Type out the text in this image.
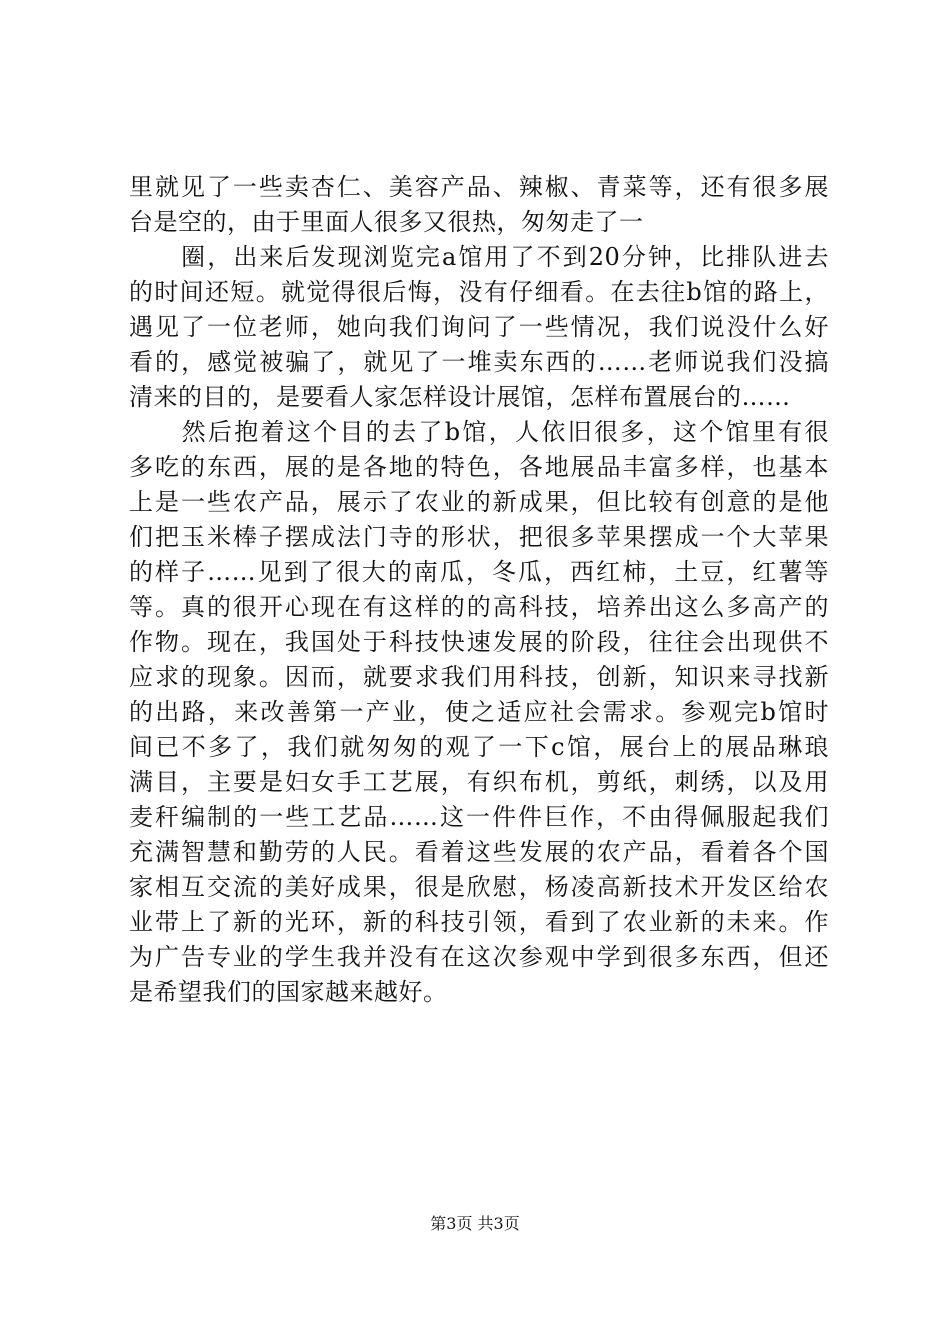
里就见了一些卖杏仁、美容产品、辣椒、青菜等，还有很多展
台是空的，由于里面人很多又很热，匆匆走了一
　　圈，出来后发现浏览完a馆用了不到20分钟，比排队进去
的时间还短。就觉得很后悔，没有仔细看。在去往b馆的路上，
遇见了一位老师，她向我们询问了一些情况，我们说没什么好
看的，感觉被骗了，就见了一堆卖东西的……老师说我们没搞
清来的目的，是要看人家怎样设计展馆，怎样布置展台的……
　　然后抱着这个目的去了b馆，人依旧很多，这个馆里有很
多吃的东西，展的是各地的特色，各地展品丰富多样，也基本
上是一些农产品，展示了农业的新成果，但比较有创意的是他
们把玉米棒子摆成法门寺的形状，把很多苹果摆成一个大苹果
的样子……见到了很大的南瓜，冬瓜，西红柿，土豆，红薯等
等。真的很开心现在有这样的的高科技，培养出这么多高产的
作物。现在，我国处于科技快速发展的阶段，往往会出现供不
应求的现象。因而，就要求我们用科技，创新，知识来寻找新
的出路，来改善第一产业，使之适应社会需求。参观完b馆时
间已不多了，我们就匆匆的观了一下c馆，展台上的展品琳琅
满目，主要是妇女手工艺展，有织布机，剪纸，刺绣，以及用
麦秆编制的一些工艺品……这一件件巨作，不由得佩服起我们
充满智慧和勤劳的人民。看着这些发展的农产品，看着各个国
家相互交流的美好成果，很是欣慰，杨凌高新技术开发区给农
业带上了新的光环，新的科技引领，看到了农业新的未来。作
为广告专业的学生我并没有在这次参观中学到很多东西，但还
是希望我们的国家越来越好。
第3页 共3页
